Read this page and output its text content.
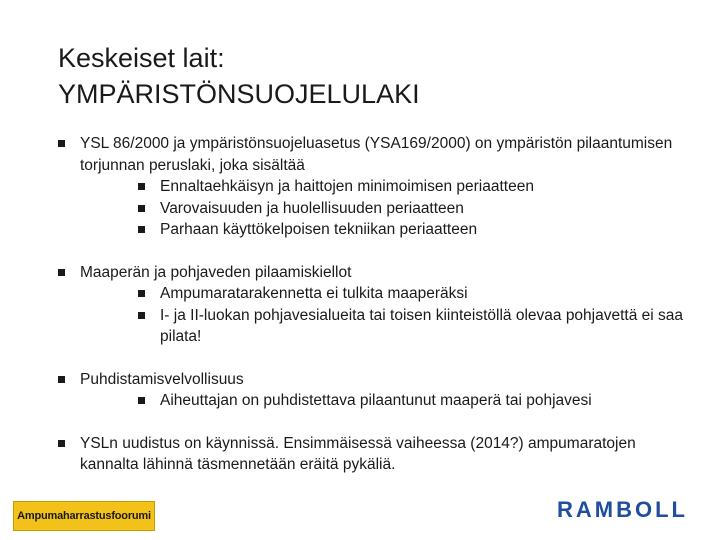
Keskeiset lait:
YMPÄRISTÖNSUOJELULAKI
YSL 86/2000 ja ympäristönsuojeluasetus (YSA169/2000) on ympäristön pilaantumisen torjunnan peruslaki, joka sisältää
Ennaltaehkäisyn ja haittojen minimoimisen periaatteen
Varovaisuuden ja huolellisuuden periaatteen
Parhaan käyttökelpoisen tekniikan periaatteen
Maaperän ja pohjaveden pilaamiskiellot
Ampumaratarakennetta ei tulkita maaperäksi
I- ja II-luokan pohjavesialueita tai toisen kiinteistöllä olevaa pohjavettä ei saa pilata!
Puhdistamisvelvollisuus
Aiheuttajan on puhdistettava pilaantunut maaperä tai pohjavesi
YSLn uudistus on käynnissä. Ensimmäisessä vaiheessa (2014?) ampumaratojen kannalta lähinnä täsmennetään eräitä pykäliä.
Ampumaharrastusfoorumi	RAMBOLL
